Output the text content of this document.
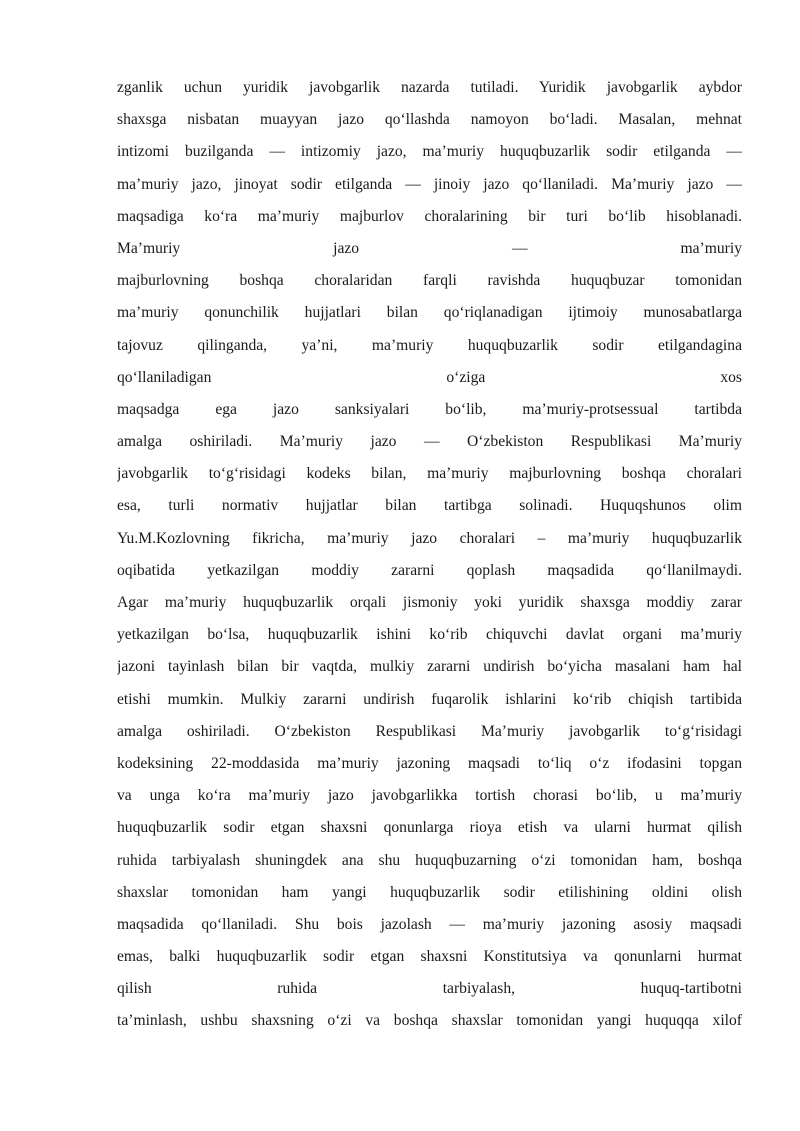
zganlik uchun yuridik javobgarlik nazarda tutiladi. Yuridik javobgarlik aybdor
shaxsga nisbatan muayyan jazo qo‘llashda namoyon bo‘ladi. Masalan, mehnat
intizomi buzilganda — intizomiy jazo, ma’muriy huquqbuzarlik sodir etilganda —
ma’muriy jazo, jinoyat sodir etilganda — jinoiy jazo qo‘llaniladi. Ma’muriy jazo —
maqsadiga ko‘ra ma’muriy majburlov choralarining bir turi bo‘lib hisoblanadi.
Ma’muriy jazo — ma’muriy
majburlovning boshqa choralaridan farqli ravishda huquqbuzar tomonidan
ma’muriy qonunchilik hujjatlari bilan qo‘riqlanadigan ijtimoiy munosabatlarga
tajovuz qilinganda, ya’ni, ma’muriy huquqbuzarlik sodir etilgandagina
qo‘llaniladigan o‘ziga xos
maqsadga ega jazo sanksiyalari bo‘lib, ma’muriy-protsessual tartibda
amalga oshiriladi. Ma’muriy jazo — O‘zbekiston Respublikasi Ma’muriy
javobgarlik to‘g‘risidagi kodeks bilan, ma’muriy majburlovning boshqa choralari
esa, turli normativ hujjatlar bilan tartibga solinadi. Huquqshunos olim
Yu.M.Kozlovning fikricha, ma’muriy jazo choralari – ma’muriy huquqbuzarlik
oqibatida yetkazilgan moddiy zararni qoplash maqsadida qo‘llanilmaydi.
Agar ma’muriy huquqbuzarlik orqali jismoniy yoki yuridik shaxsga moddiy zarar
yetkazilgan bo‘lsa, huquqbuzarlik ishini ko‘rib chiquvchi davlat organi ma’muriy
jazoni tayinlash bilan bir vaqtda, mulkiy zararni undirish bo‘yicha masalani ham hal
etishi mumkin. Mulkiy zararni undirish fuqarolik ishlarini ko‘rib chiqish tartibida
amalga oshiriladi. O‘zbekiston Respublikasi Ma’muriy javobgarlik to‘g‘risidagi
kodeksining 22-moddasida ma’muriy jazoning maqsadi to‘liq o‘z ifodasini topgan
va unga ko‘ra ma’muriy jazo javobgarlikka tortish chorasi bo‘lib, u ma’muriy
huquqbuzarlik sodir etgan shaxsni qonunlarga rioya etish va ularni hurmat qilish
ruhida tarbiyalash shuningdek ana shu huquqbuzarning o‘zi tomonidan ham, boshqa
shaxslar tomonidan ham yangi huquqbuzarlik sodir etilishining oldini olish
maqsadida qo‘llaniladi. Shu bois jazolash — ma’muriy jazoning asosiy maqsadi
emas, balki huquqbuzarlik sodir etgan shaxsni Konstitutsiya va qonunlarni hurmat
qilish ruhida tarbiyalash, huquq-tartibotni
ta’minlash, ushbu shaxsning o‘zi va boshqa shaxslar tomonidan yangi huquqqa xilof
